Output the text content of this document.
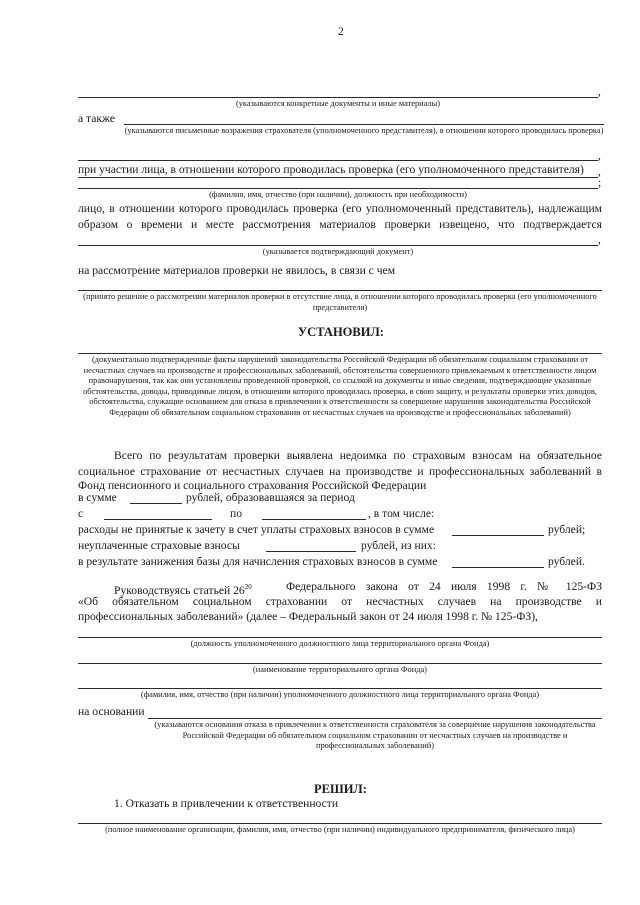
2
,
(указываются конкретные документы и иные материалы)
а также
(указываются письменные возражения страхователя (уполномоченного представителя), в отношении которого проводилась проверка)
при участии лица, в отношении которого проводилась проверка (его уполномоченного представителя)
,
,
;
(фамилия, имя, отчество (при наличии), должность при необходимости)
лицо, в отношении которого проводилась проверка (его уполномоченный представитель), надлежащим
образом о времени и месте рассмотрения материалов проверки извещено, что подтверждается
,
(указывается подтверждающий документ)
на рассмотрение материалов проверки не явилось, в связи с чем
(принято решение о рассмотрении материалов проверки в отсутствие лица, в отношении которого проводилась проверка (его уполномоченного представителя)
УСТАНОВИЛ:
(документально подтвержденные факты нарушений законодательства Российской Федерации об обязательном социальном страховании от несчастных случаев на производстве и профессиональных заболеваний, обстоятельства совершенного привлекаемым к ответственности лицом правонарушения, так как они установлены проведенной проверкой, со ссылкой на документы и иные сведения, подтверждающие указанные обстоятельства, доводы, приводимые лицом, в отношении которого проводилась проверка, в свою защиту, и результаты проверки этих доводов, обстоятельства, служащие основанием для отказа в привлечении к ответственности за совершение нарушения законодательства Российской Федерации об обязательном социальном страховании от несчастных случаев на производстве и профессиональных заболеваний)
Всего по результатам проверки выявлена недоимка по страховым взносам на обязательное
социальное страхование от несчастных случаев на производстве и профессиональных заболеваний в
Фонд пенсионного и социального страхования Российской Федерации
в сумме	рублей, образовавшаяся за период
с	по	, в том числе:
расходы не принятые к зачету в счет уплаты страховых взносов в сумме	рублей;
неуплаченные страховые взносы	рублей, из них:
в результате занижения базы для начисления страховых взносов в сумме	рублей.
Руководствуясь статьей $26^{20}$	Федерального закона от 24 июля 1998 г. № 125-ФЗ
«Об обязательном социальном страховании от несчастных случаев на производстве и
профессиональных заболеваний» (далее – Федеральный закон от 24 июля 1998 г. № 125-ФЗ),
(должность уполномоченного должностного лица территориального органа Фонда)
(наименование территориального органа Фонда)
(фамилия, имя, отчество (при наличии) уполномоченного должностного лица территориального органа Фонда)
на основании
(указываются основания отказа в привлечении к ответственности страхователя за совершение нарушения законодательства Российской Федерации об обязательном социальном страховании от несчастных случаев на производстве и профессиональных заболеваний)
РЕШИЛ:
1. Отказать в привлечении к ответственности
(полное наименование организации, фамилия, имя, отчество (при наличии) индивидуального предпринимателя, физического лица)
